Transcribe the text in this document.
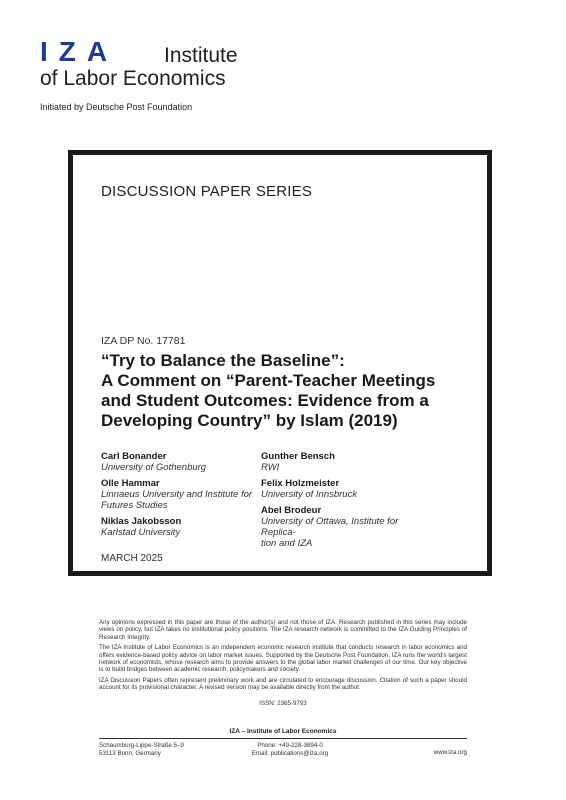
IZA	Institute
of Labor Economics
Initiated by Deutsche Post Foundation
DISCUSSION PAPER SERIES
IZA DP No. 17781
“Try to Balance the Baseline”:
A Comment on “Parent-Teacher Meetings
and Student Outcomes: Evidence from a
Developing Country” by Islam (2019)
Carl Bonander
University of Gothenburg
Olle Hammar
Linnaeus University and Institute for
Futures Studies
Niklas Jakobsson
Karlstad University
Gunther Bensch
RWI
Felix Holzmeister
University of Innsbruck
Abel Brodeur
University of Ottawa, Institute for Replica-
tion and IZA
MARCH 2025

Any opinions expressed in this paper are those of the author(s) and not those of IZA. Research published in this series may include views on policy, but IZA takes no institutional policy positions. The IZA research network is committed to the IZA Guiding Principles of Research Integrity.

The IZA Institute of Labor Economics is an independent economic research institute that conducts research in labor economics and offers evidence-based policy advice on labor market issues. Supported by the Deutsche Post Foundation, IZA runs the world’s largest network of economists, whose research aims to provide answers to the global labor market challenges of our time. Our key objective is to build bridges between academic research, policymakers and society.

IZA Discussion Papers often represent preliminary work and are circulated to encourage discussion. Citation of such a paper should account for its provisional character. A revised version may be available directly from the author.

ISSN: 2365-9793
IZA – Institute of Labor Economics
Schaumburg-Lippe-Straße 5–9
53113 Bonn, Germany
Phone: +49-228-3894-0
Email: publications@iza.org	www.iza.org
